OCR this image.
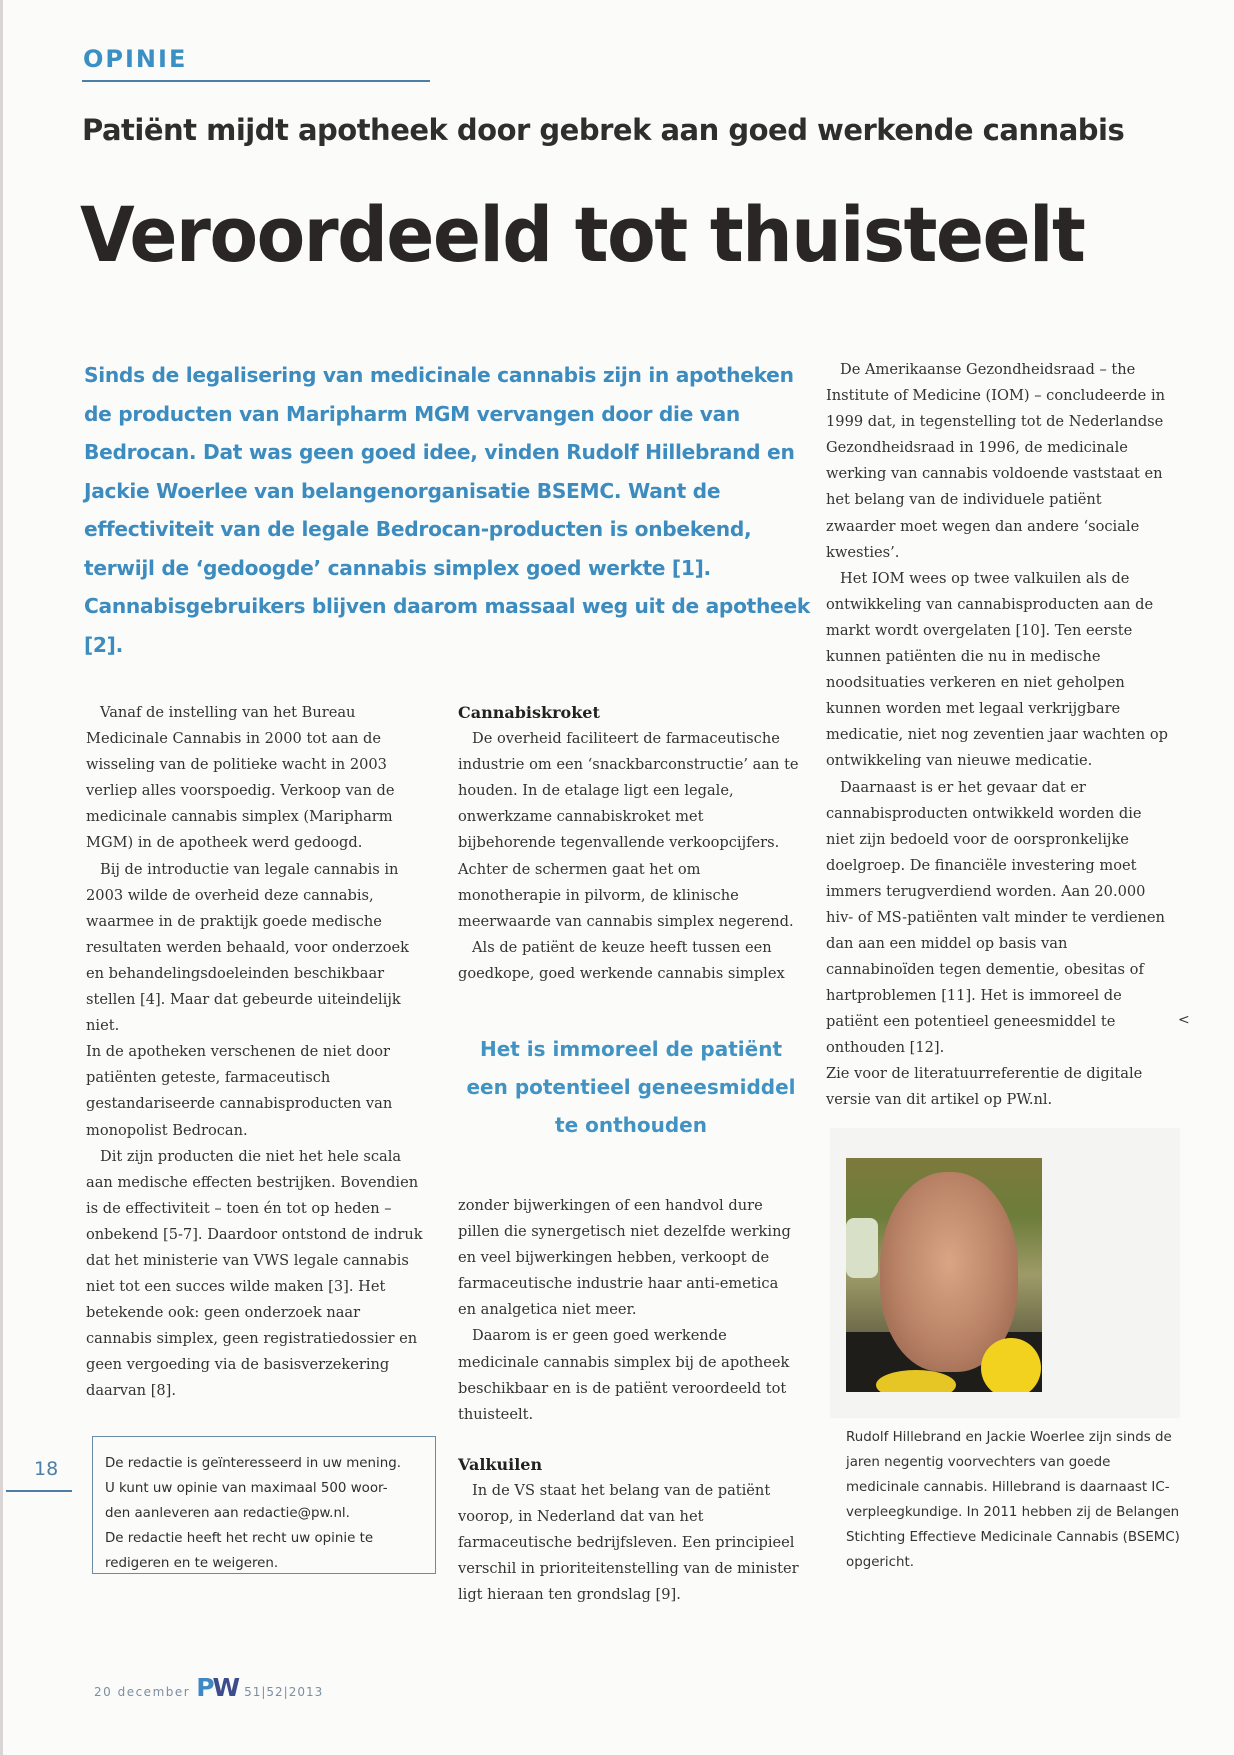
OPINIE
Patiënt mijdt apotheek door gebrek aan goed werkende cannabis
Veroordeeld tot thuisteelt
Sinds de legalisering van medicinale cannabis zijn in apotheken de producten van Maripharm MGM vervangen door die van Bedrocan. Dat was geen goed idee, vinden Rudolf Hillebrand en Jackie Woerlee van belangenorganisatie BSEMC. Want de effectiviteit van de legale Bedrocan-producten is onbekend, terwijl de ‘gedoogde’ cannabis simplex goed werkte [1]. Cannabisgebruikers blijven daarom massaal weg uit de apotheek [2].

Vanaf de instelling van het Bureau Medicinale Cannabis in 2000 tot aan de wisseling van de politieke wacht in 2003 verliep alles voorspoedig. Verkoop van de medicinale cannabis simplex (Maripharm MGM) in de apotheek werd gedoogd.

Bij de introductie van legale cannabis in 2003 wilde de overheid deze cannabis, waarmee in de praktijk goede medische resultaten werden behaald, voor onderzoek en behandelingsdoeleinden beschikbaar stellen [4]. Maar dat gebeurde uiteindelijk niet.

In de apotheken verschenen de niet door patiënten geteste, farmaceutisch gestandariseerde cannabisproducten van monopolist Bedrocan.

Dit zijn producten die niet het hele scala aan medische effecten bestrijken. Bovendien is de effectiviteit – toen én tot op heden – onbekend [5-7]. Daardoor ontstond de indruk dat het ministerie van VWS legale cannabis niet tot een succes wilde maken [3]. Het betekende ook: geen onderzoek naar cannabis simplex, geen registratiedossier en geen vergoeding via de basisverzekering daarvan [8].

Cannabiskroket

De overheid faciliteert de farmaceutische industrie om een ‘snackbarconstructie’ aan te houden. In de etalage ligt een legale, onwerkzame cannabiskroket met bijbehorende tegenvallende verkoopcijfers. Achter de schermen gaat het om monotherapie in pilvorm, de klinische meerwaarde van cannabis simplex negerend.

Als de patiënt de keuze heeft tussen een goedkope, goed werkende cannabis simplex

Het is immoreel de patiënt een potentieel geneesmiddel te onthouden

zonder bijwerkingen of een handvol dure pillen die synergetisch niet dezelfde werking en veel bijwerkingen hebben, verkoopt de farmaceutische industrie haar anti-emetica en analgetica niet meer.

Daarom is er geen goed werkende medicinale cannabis simplex bij de apotheek beschikbaar en is de patiënt veroordeeld tot thuisteelt.

Valkuilen

In de VS staat het belang van de patiënt voorop, in Nederland dat van het farmaceutische bedrijfsleven. Een principieel verschil in prioriteitenstelling van de minister ligt hieraan ten grondslag [9].

De Amerikaanse Gezondheidsraad – the Institute of Medicine (IOM) – concludeerde in 1999 dat, in tegenstelling tot de Nederlandse Gezondheidsraad in 1996, de medicinale werking van cannabis voldoende vaststaat en het belang van de individuele patiënt zwaarder moet wegen dan andere ‘sociale kwesties’.

Het IOM wees op twee valkuilen als de ontwikkeling van cannabisproducten aan de markt wordt overgelaten [10]. Ten eerste kunnen patiënten die nu in medische noodsituaties verkeren en niet geholpen kunnen worden met legaal verkrijgbare medicatie, niet nog zeventien jaar wachten op ontwikkeling van nieuwe medicatie.

Daarnaast is er het gevaar dat er cannabisproducten ontwikkeld worden die niet zijn bedoeld voor de oorspronkelijke doelgroep. De financiële investering moet immers terugverdiend worden. Aan 20.000 hiv- of MS-patiënten valt minder te verdienen dan aan een middel op basis van cannabinoïden tegen dementie, obesitas of hartproblemen [11]. Het is immoreel de patiënt een potentieel geneesmiddel te onthouden [12].

<
Zie voor de literatuurreferentie de digitale versie van dit artikel op PW.nl.
Rudolf Hillebrand en Jackie Woerlee zijn sinds de jaren negentig voorvechters van goede medicinale cannabis. Hillebrand is daarnaast IC-verpleegkundige. In 2011 hebben zij de Belangen Stichting Effectieve Medicinale Cannabis (BSEMC) opgericht.
18	De redactie is geïnteresseerd in uw mening.
U kunt uw opinie van maximaal 500 woor-
den aanleveren aan redactie@pw.nl.
De redactie heeft het recht uw opinie te
redigeren en te weigeren.
20 december PW 51|52|2013
